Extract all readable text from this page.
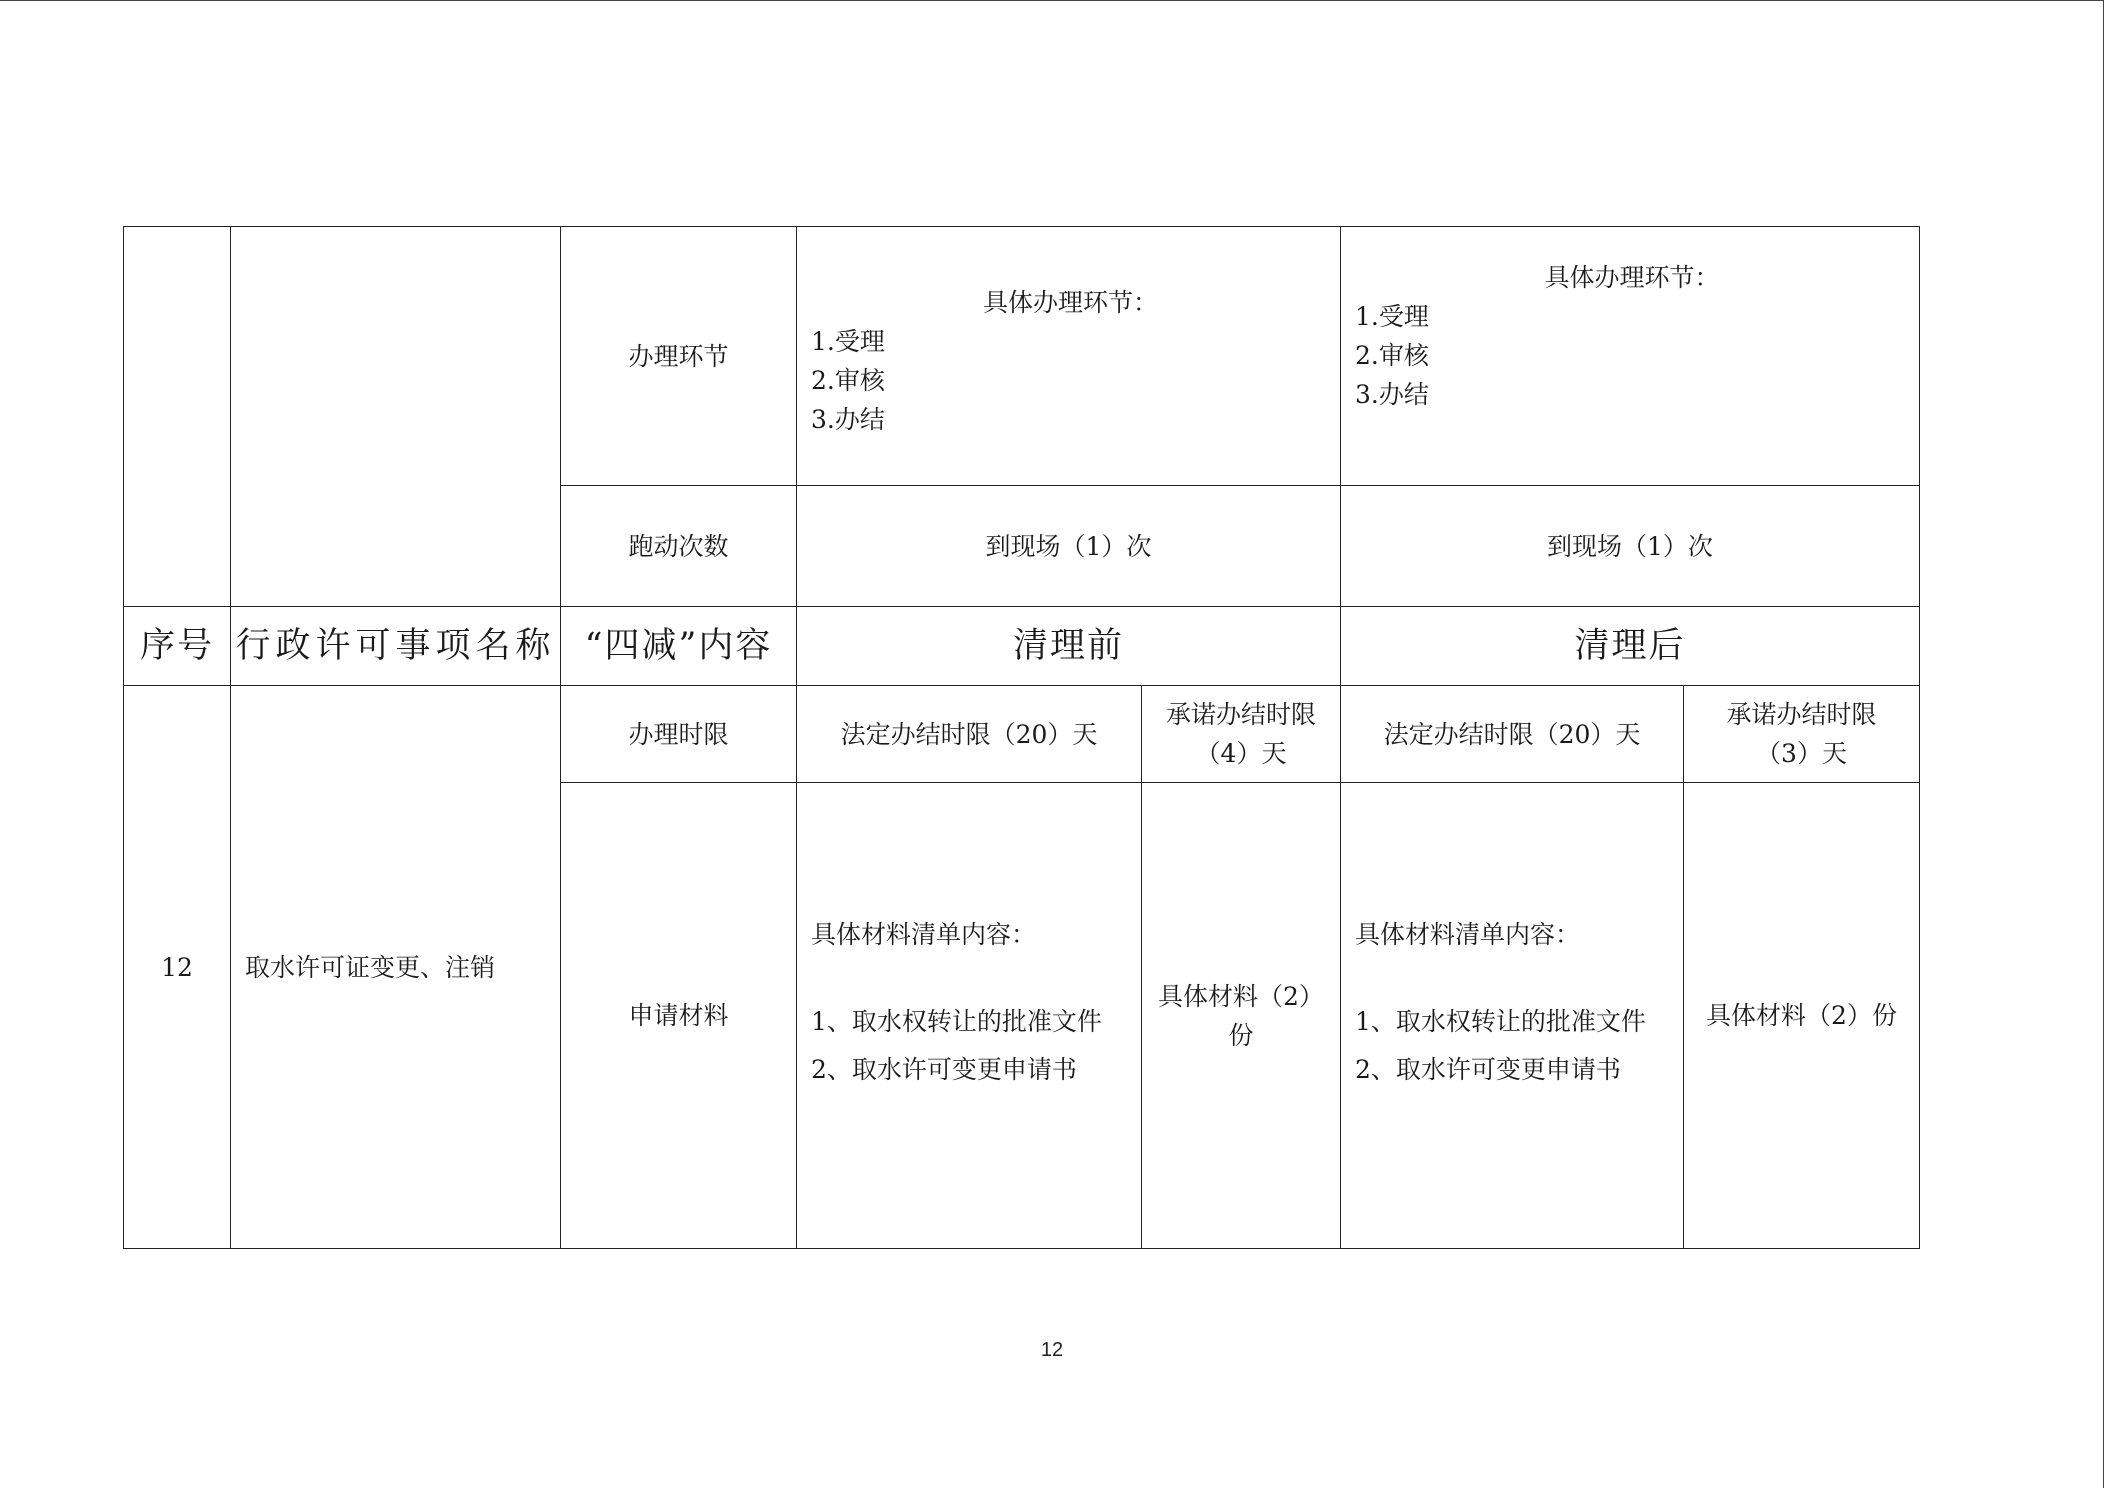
		办理环节	具体办理环节：
1.受理
2.审核
3.办结		具体办理环节：
1.受理
2.审核
3.办结	

		跑动次数	到现场（1）次		到现场（1）次	
序号	行政许可事项名称	“四减”内容	清理前		清理后	
12	取水许可证变更、注销	办理时限	法定办结时限（20）天	承诺办结时限（4）天	法定办结时限（20）天	承诺办结时限（3）天
		申请材料	具体材料清单内容：
1、取水权转让的批准文件
2、取水许可变更申请书	具体材料（2）份	具体材料清单内容：
1、取水权转让的批准文件
2、取水许可变更申请书	具体材料（2）份
12
